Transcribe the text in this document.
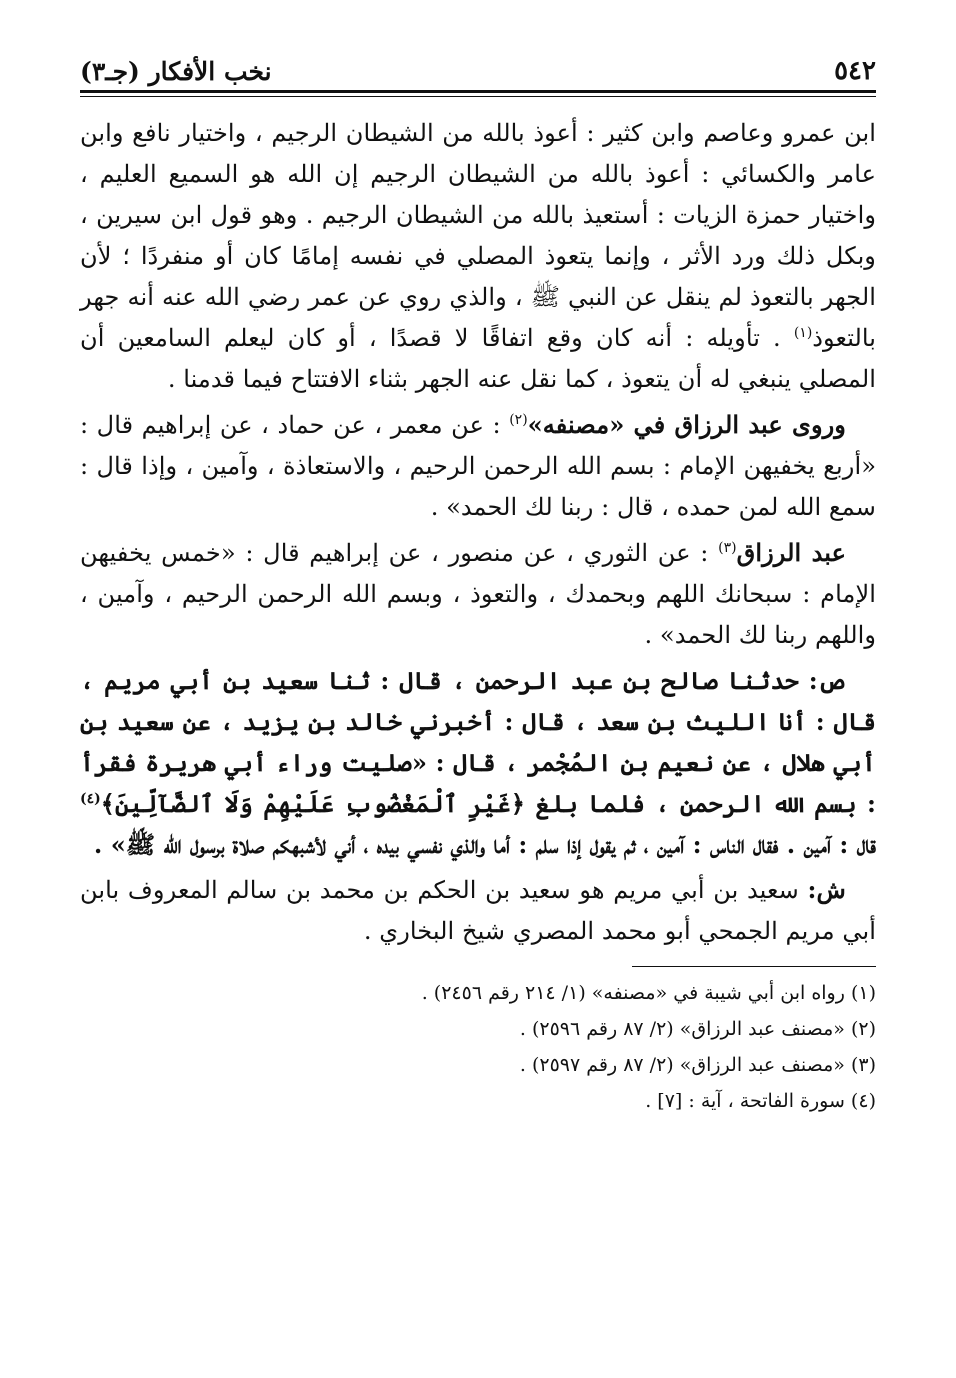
٥٤٢
نخب الأفكار (جـ٣)

ابن عمرو وعاصم وابن كثير : أعوذ بالله من الشيطان الرجيم ، واختيار نافع وابن عامر والكسائي : أعوذ بالله من الشيطان الرجيم إن الله هو السميع العليم ، واختيار حمزة الزيات : أستعيذ بالله من الشيطان الرجيم . وهو قول ابن سيرين ، وبكل ذلك ورد الأثر ، وإنما يتعوذ المصلي في نفسه إمامًا كان أو منفردًا ؛ لأن الجهر بالتعوذ لم ينقل عن النبي ﷺ ، والذي روي عن عمر رضي الله عنه أنه جهر بالتعوذ$^{(١)}$ . تأويله : أنه كان وقع اتفاقًا لا قصدًا ، أو كان ليعلم السامعين أن المصلي ينبغي له أن يتعوذ ، كما نقل عنه الجهر بثناء الافتتاح فيما قدمنا .

وروى عبد الرزاق في «مصنفه»$^{(٢)}$ : عن معمر ، عن حماد ، عن إبراهيم قال : «أربع يخفيهن الإمام : بسم الله الرحمن الرحيم ، والاستعاذة ، وآمين ، وإذا قال : سمع الله لمن حمده ، قال : ربنا لك الحمد» .

عبد الرزاق$^{(٣)}$ : عن الثوري ، عن منصور ، عن إبراهيم قال : «خمس يخفيهن الإمام : سبحانك اللهم وبحمدك ، والتعوذ ، وبسم الله الرحمن الرحيم ، وآمين ، واللهم ربنا لك الحمد» .

ص: حدثنا صالح بن عبد الرحمن ، قال : ثنا سعيد بن أبي مريم ، قال : أنا الليث بن سعد ، قال : أخبرني خالد بن يزيد ، عن سعيد بن أبي هلال ، عن نعيم بن المُجْمر ، قال : «صليت وراء أبي هريرة فقرأ : بسم الله الرحمن ، فلما بلغ ﴿غَيْرِ ٱلْمَغْضُوبِ عَلَيْهِمْ وَلَا ٱلضَّآلِّينَ﴾$^{(٤)}$ قال : آمين . فقال الناس : آمين ، ثم يقول إذا سلم : أما والذي نفسي بيده ، أني لأشبهكم صلاة برسول الله ﷺ» .

ش: سعيد بن أبي مريم هو سعيد بن الحكم بن محمد بن سالم المعروف بابن أبي مريم الجمحي أبو محمد المصري شيخ البخاري .

(١) رواه ابن أبي شيبة في «مصنفه» (١/ ٢١٤ رقم ٢٤٥٦) .

(٢) «مصنف عبد الرزاق» (٢/ ٨٧ رقم ٢٥٩٦) .

(٣) «مصنف عبد الرزاق» (٢/ ٨٧ رقم ٢٥٩٧) .

(٤) سورة الفاتحة ، آية : [٧] .
